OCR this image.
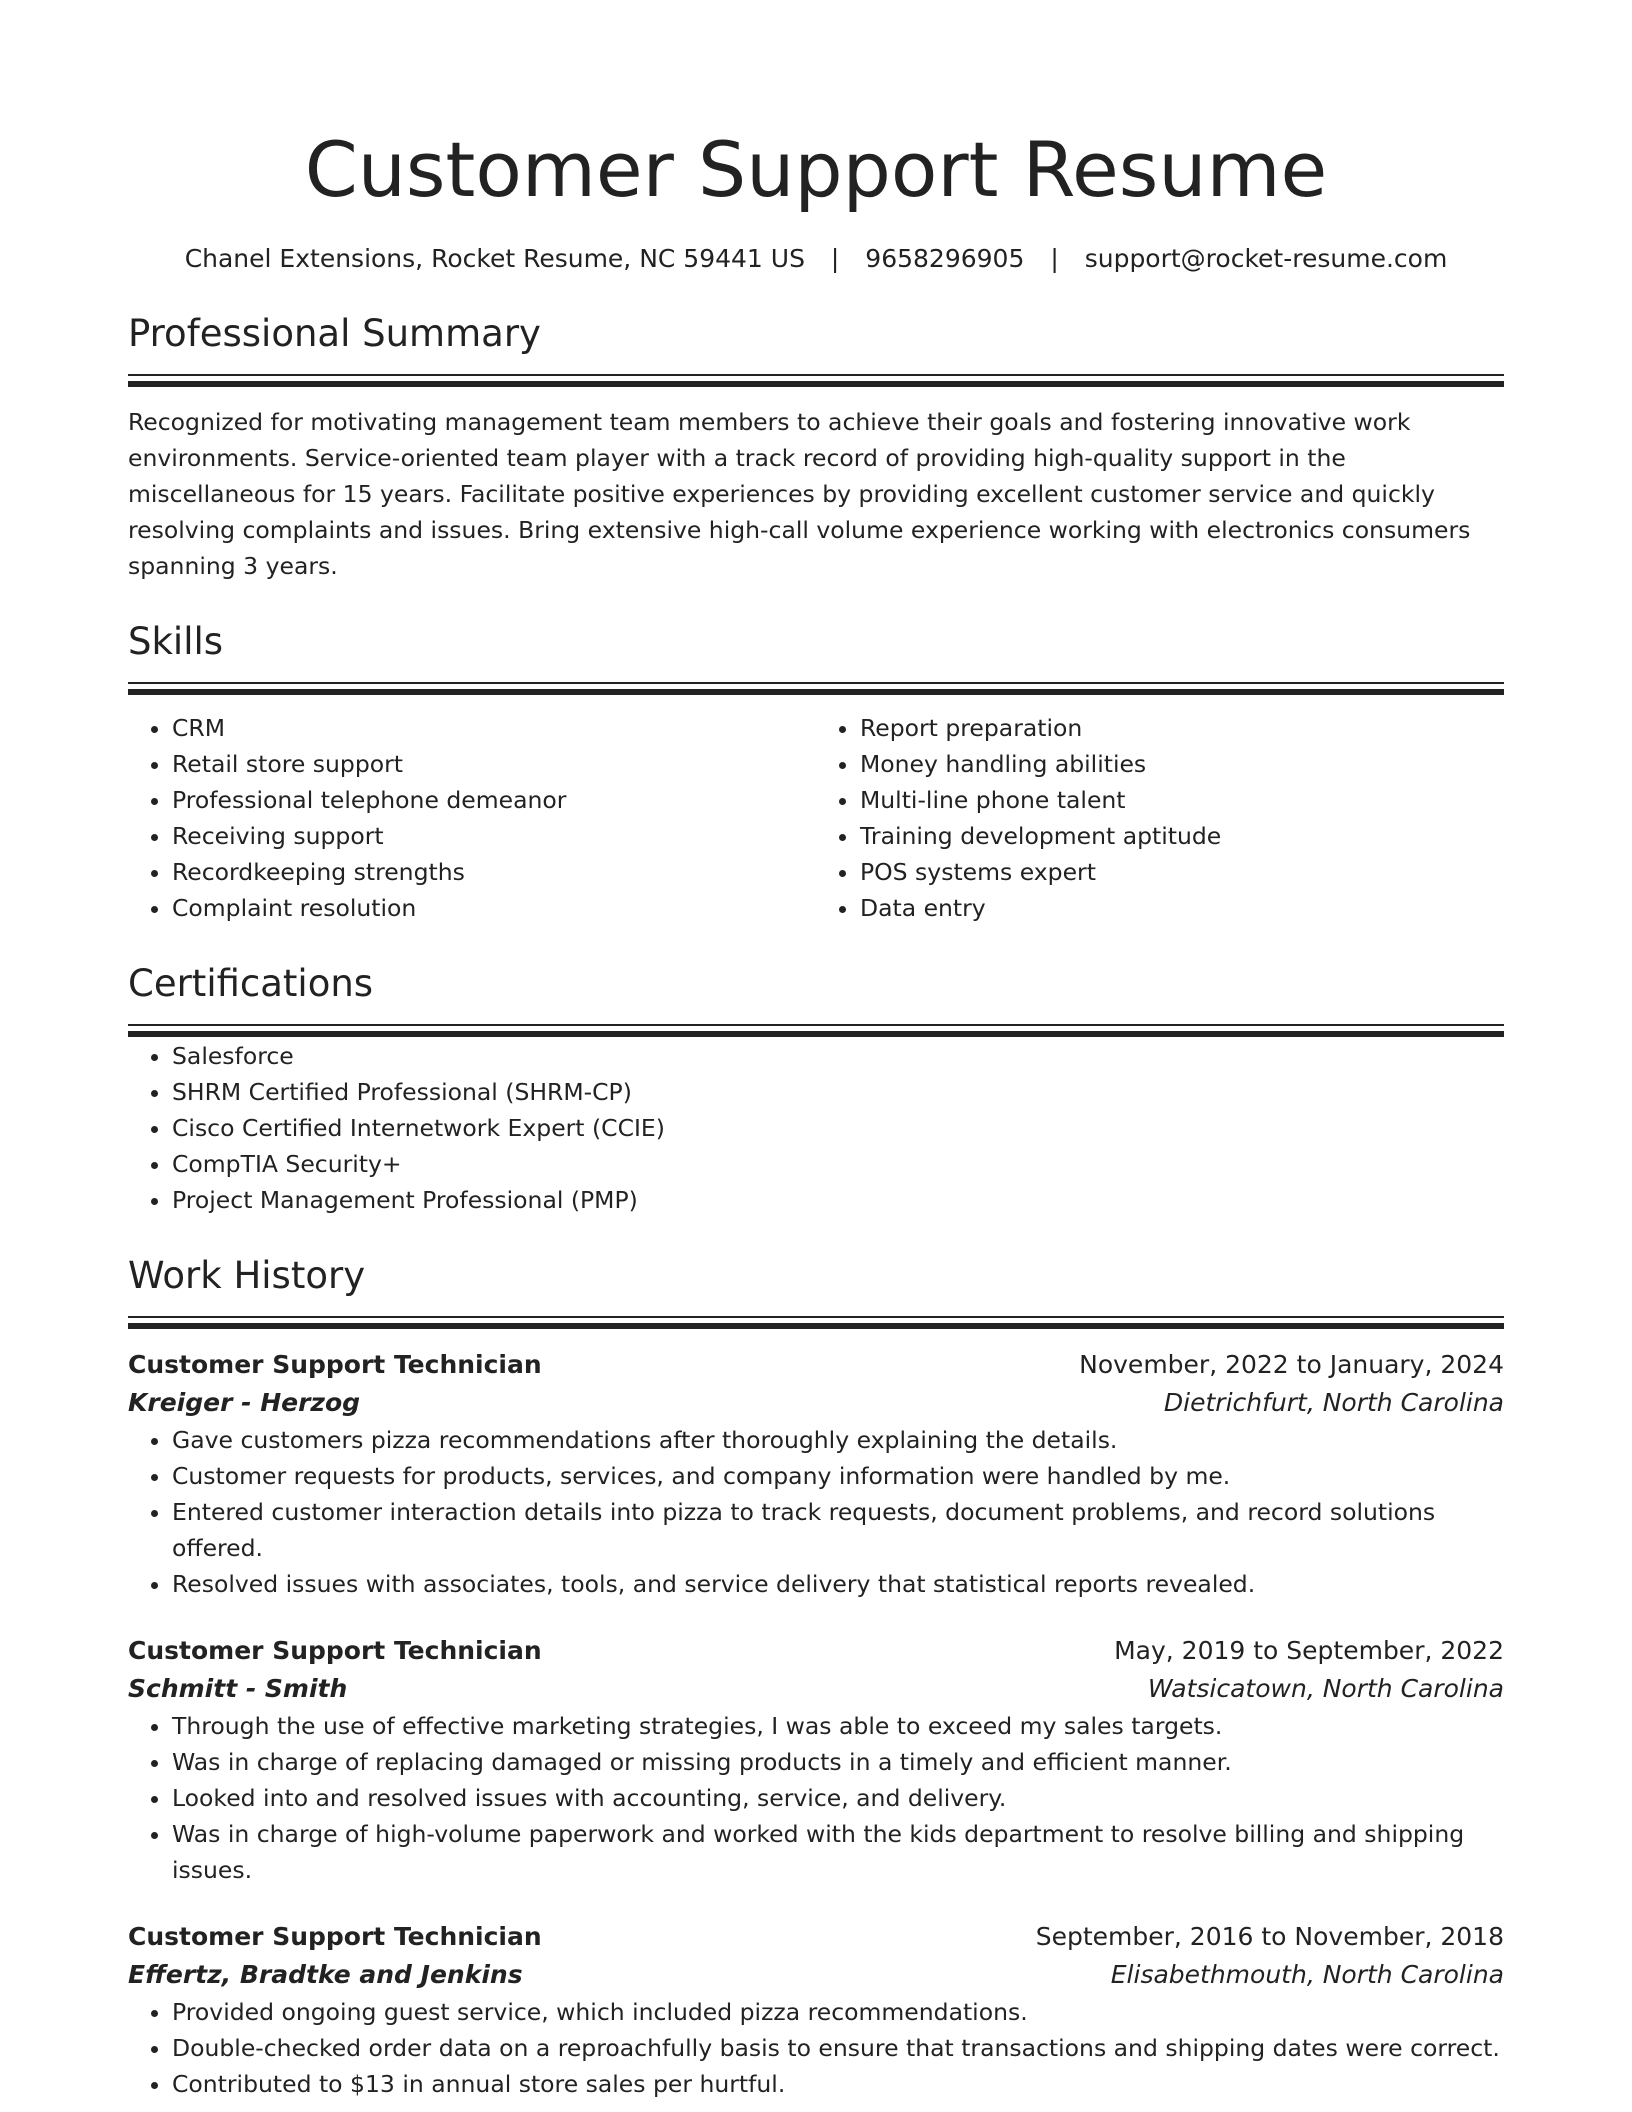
Customer Support Resume
Chanel Extensions, Rocket Resume, NC 59441 US | 9658296905 | support@rocket-resume.com
Professional Summary
Recognized for motivating management team members to achieve their goals and fostering innovative work environments. Service-oriented team player with a track record of providing high-quality support in the miscellaneous for 15 years. Facilitate positive experiences by providing excellent customer service and quickly resolving complaints and issues. Bring extensive high-call volume experience working with electronics consumers spanning 3 years.
Skills
• CRM
• Retail store support
• Professional telephone demeanor
• Receiving support
• Recordkeeping strengths
• Complaint resolution
• Report preparation
• Money handling abilities
• Multi-line phone talent
• Training development aptitude
• POS systems expert
• Data entry
Certifications
• Salesforce
• SHRM Certified Professional (SHRM-CP)
• Cisco Certified Internetwork Expert (CCIE)
• CompTIA Security+
• Project Management Professional (PMP)
Work History
Customer Support Technician	November, 2022 to January, 2024
Kreiger - Herzog	Dietrichfurt, North Carolina
• Gave customers pizza recommendations after thoroughly explaining the details.
• Customer requests for products, services, and company information were handled by me.
• Entered customer interaction details into pizza to track requests, document problems, and record solutions offered.
• Resolved issues with associates, tools, and service delivery that statistical reports revealed.
Customer Support Technician	May, 2019 to September, 2022
Schmitt - Smith	Watsicatown, North Carolina
• Through the use of effective marketing strategies, I was able to exceed my sales targets.
• Was in charge of replacing damaged or missing products in a timely and efficient manner.
• Looked into and resolved issues with accounting, service, and delivery.
• Was in charge of high-volume paperwork and worked with the kids department to resolve billing and shipping issues.
Customer Support Technician	September, 2016 to November, 2018
Effertz, Bradtke and Jenkins	Elisabethmouth, North Carolina
• Provided ongoing guest service, which included pizza recommendations.
• Double-checked order data on a reproachfully basis to ensure that transactions and shipping dates were correct.
• Contributed to $13 in annual store sales per hurtful.
